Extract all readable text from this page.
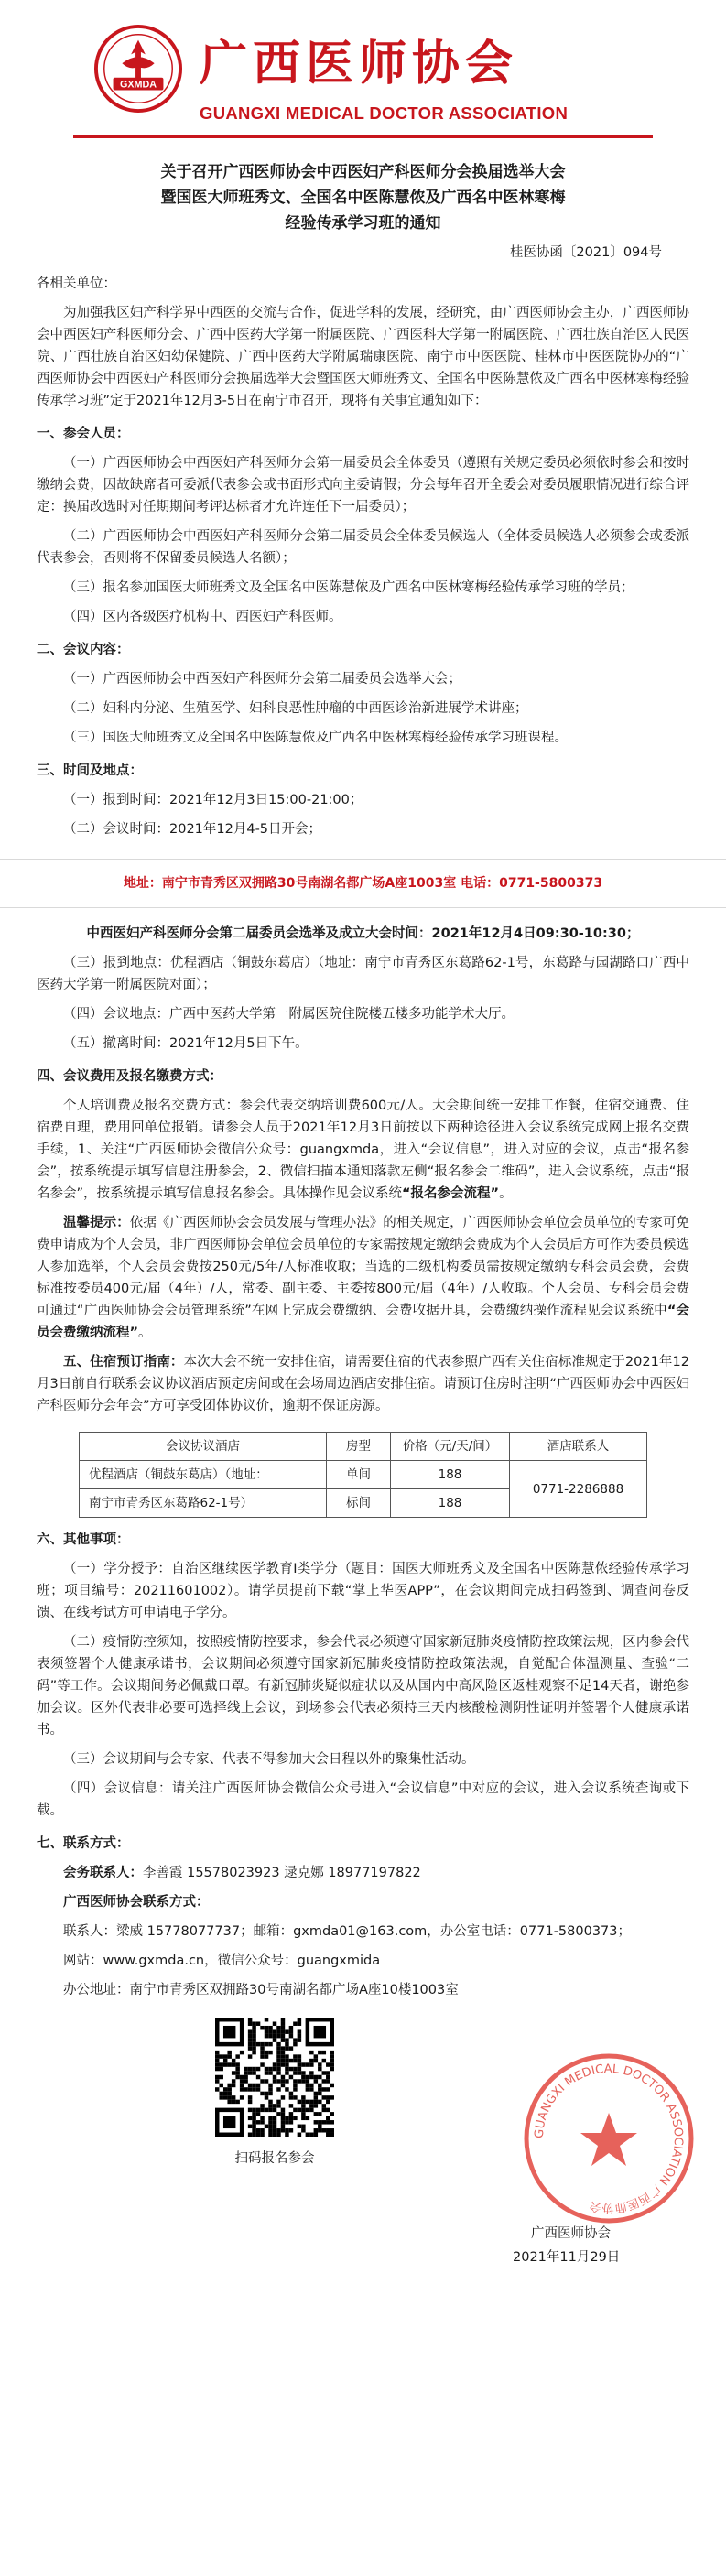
GXMDA 广西医师协会
GUANGXI MEDICAL DOCTOR ASSOCIATION
关于召开广西医师协会中西医妇产科医师分会换届选举大会
暨国医大师班秀文、全国名中医陈慧侬及广西名中医林寒梅
经验传承学习班的通知
桂医协函〔2021〕094号

各相关单位：

为加强我区妇产科学界中西医的交流与合作，促进学科的发展，经研究，由广西医师协会主办，广西医师协会中西医妇产科医师分会、广西中医药大学第一附属医院、广西医科大学第一附属医院、广西壮族自治区人民医院、广西壮族自治区妇幼保健院、广西中医药大学附属瑞康医院、南宁市中医医院、桂林市中医医院协办的“广西医师协会中西医妇产科医师分会换届选举大会暨国医大师班秀文、全国名中医陈慧侬及广西名中医林寒梅经验传承学习班”定于2021年12月3-5日在南宁市召开，现将有关事宜通知如下：

一、参会人员：

（一）广西医师协会中西医妇产科医师分会第一届委员会全体委员（遵照有关规定委员必须依时参会和按时缴纳会费，因故缺席者可委派代表参会或书面形式向主委请假；分会每年召开全委会对委员履职情况进行综合评定：换届改选时对任期期间考评达标者才允许连任下一届委员）；

（二）广西医师协会中西医妇产科医师分会第二届委员会全体委员候选人（全体委员候选人必须参会或委派代表参会，否则将不保留委员候选人名额）；

（三）报名参加国医大师班秀文及全国名中医陈慧侬及广西名中医林寒梅经验传承学习班的学员；

（四）区内各级医疗机构中、西医妇产科医师。

二、会议内容：

（一）广西医师协会中西医妇产科医师分会第二届委员会选举大会；

（二）妇科内分泌、生殖医学、妇科良恶性肿瘤的中西医诊治新进展学术讲座；

（三）国医大师班秀文及全国名中医陈慧侬及广西名中医林寒梅经验传承学习班课程。

三、时间及地点：

（一）报到时间：2021年12月3日15:00-21:00；

（二）会议时间：2021年12月4-5日开会；

地址：南宁市青秀区双拥路30号南湖名都广场A座1003室 电话：0771-5800373

中西医妇产科医师分会第二届委员会选举及成立大会时间：2021年12月4日09:30-10:30；

（三）报到地点：优程酒店（铜鼓东葛店）（地址：南宁市青秀区东葛路62-1号，东葛路与园湖路口广西中医药大学第一附属医院对面）；

（四）会议地点：广西中医药大学第一附属医院住院楼五楼多功能学术大厅。

（五）撤离时间：2021年12月5日下午。

四、会议费用及报名缴费方式：

个人培训费及报名交费方式：参会代表交纳培训费600元/人。大会期间统一安排工作餐，住宿交通费、住宿费自理，费用回单位报销。请参会人员于2021年12月3日前按以下两种途径进入会议系统完成网上报名交费手续，1、关注“广西医师协会微信公众号：guangxmda，进入“会议信息”，进入对应的会议，点击“报名参会”，按系统提示填写信息注册参会，2、微信扫描本通知落款左侧“报名参会二维码”，进入会议系统，点击“报名参会”，按系统提示填写信息报名参会。具体操作见会议系统“报名参会流程”。

温馨提示：依据《广西医师协会会员发展与管理办法》的相关规定，广西医师协会单位会员单位的专家可免费申请成为个人会员，非广西医师协会单位会员单位的专家需按规定缴纳会费成为个人会员后方可作为委员候选人参加选举，个人会员会费按250元/5年/人标准收取；当选的二级机构委员需按规定缴纳专科会员会费，会费标准按委员400元/届（4年）/人，常委、副主委、主委按800元/届（4年）/人收取。个人会员、专科会员会费可通过“广西医师协会会员管理系统”在网上完成会费缴纳、会费收据开具，会费缴纳操作流程见会议系统中“会员会费缴纳流程”。

五、住宿预订指南：本次大会不统一安排住宿，请需要住宿的代表参照广西有关住宿标准规定于2021年12月3日前自行联系会议协议酒店预定房间或在会场周边酒店安排住宿。请预订住房时注明“广西医师协会中西医妇产科医师分会年会”方可享受团体协议价，逾期不保证房源。

会议协议酒店	房型	价格（元/天/间）	酒店联系人
优程酒店（铜鼓东葛店）（地址：	单间	188	0771-2286888
南宁市青秀区东葛路62-1号）	标间	188	

六、其他事项：

（一）学分授予：自治区继续医学教育I类学分（题目：国医大师班秀文及全国名中医陈慧侬经验传承学习班；项目编号：20211601002）。请学员提前下载“掌上华医APP”，在会议期间完成扫码签到、调查问卷反馈、在线考试方可申请电子学分。

（二）疫情防控须知，按照疫情防控要求，参会代表必须遵守国家新冠肺炎疫情防控政策法规，区内参会代表须签署个人健康承诺书，会议期间必须遵守国家新冠肺炎疫情防控政策法规，自觉配合体温测量、查验“二码”等工作。会议期间务必佩戴口罩。有新冠肺炎疑似症状以及从国内中高风险区返桂观察不足14天者，谢绝参加会议。区外代表非必要可选择线上会议，到场参会代表必须持三天内核酸检测阴性证明并签署个人健康承诺书。

（三）会议期间与会专家、代表不得参加大会日程以外的聚集性活动。

（四）会议信息：请关注广西医师协会微信公众号进入“会议信息”中对应的会议，进入会议系统查询或下载。

七、联系方式：

会务联系人：李善霞 15578023923 逯克娜 18977197822

广西医师协会联系方式：

联系人：梁威 15778077737；邮箱：gxmda01@163.com，办公室电话：0771-5800373；

网站：www.gxmda.cn，微信公众号：guangxmida

办公地址：南宁市青秀区双拥路30号南湖名都广场A座10楼1003室

扫码报名参会
GUANGXI MEDICAL DOCTOR ASSOCIATION 广西医师协会
广西医师协会
2021年11月29日
